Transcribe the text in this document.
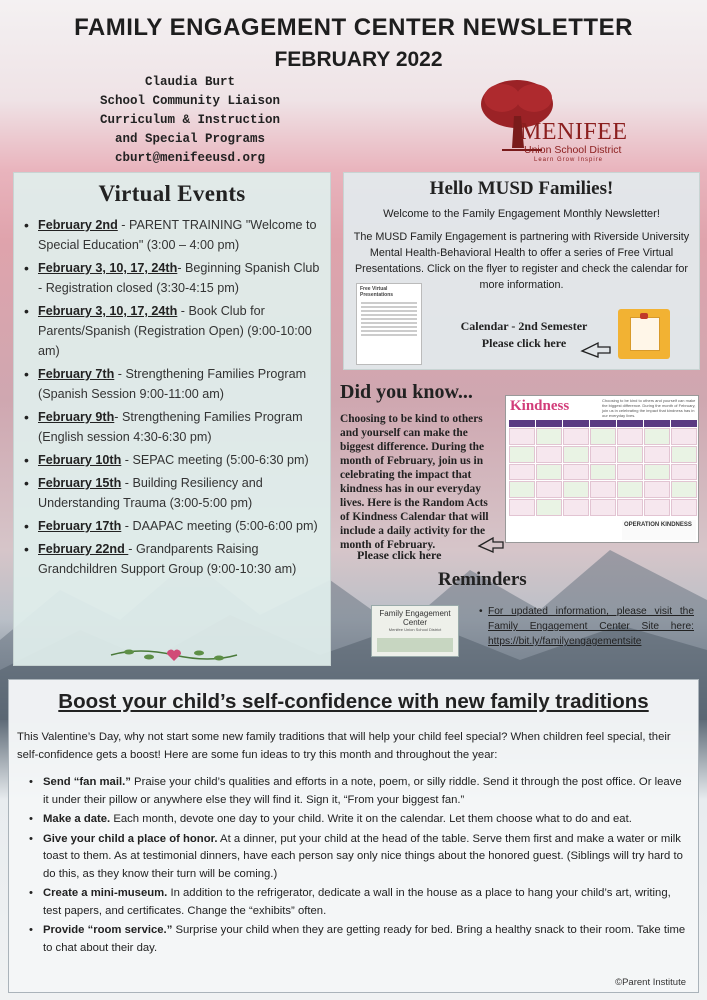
FAMILY ENGAGEMENT CENTER NEWSLETTER
FEBRUARY 2022
Claudia Burt
School Community Liaison
Curriculum & Instruction
and Special Programs
cburt@menifeeusd.org
MENIFEE
Union School District
Learn Grow Inspire
Virtual Events
• February 2nd - PARENT TRAINING "Welcome to Special Education" (3:00 – 4:00 pm)
• February 3, 10, 17, 24th- Beginning Spanish Club - Registration closed (3:30-4:15 pm)
• February 3, 10, 17, 24th - Book Club for Parents/Spanish (Registration Open) (9:00-10:00 am)
• February 7th - Strengthening Families Program (Spanish Session 9:00-11:00 am)
• February 9th- Strengthening Families Program (English session 4:30-6:30 pm)
• February 10th - SEPAC meeting (5:00-6:30 pm)
• February 15th - Building Resiliency and Understanding Trauma (3:00-5:00 pm)
• February 17th - DAAPAC meeting (5:00-6:00 pm)
• February 22nd - Grandparents Raising Grandchildren Support Group (9:00-10:30 am)
Hello MUSD Families!
Welcome to the Family Engagement Monthly Newsletter!
The MUSD Family Engagement is partnering with Riverside University Mental Health-Behavioral Health to offer a series of Free Virtual Presentations. Click on the flyer to register and check the calendar for more information.
Free Virtual Presentations
Calendar - 2nd Semester
Please click here
Did you know...
Choosing to be kind to others and yourself can make the biggest difference. During the month of February, join us in celebrating the impact that kindness has in our everyday lives. Here is the Random Acts of Kindness Calendar that will include a daily activity for the month of February.
Please click here
Kindness	Choosing to be kind to others and yourself can make the biggest difference. During the month of February, join us in celebrating the impact that kindness has in our everyday lives.
OPERATION KINDNESS
Reminders
Family Engagement Center
Menifee Union School District
• For updated information, please visit the Family Engagement Center Site here: https://bit.ly/familyengagementsite
Boost your child’s self-confidence with new family traditions
This Valentine’s Day, why not start some new family traditions that will help your child feel special? When children feel special, their self-confidence gets a boost! Here are some fun ideas to try this month and throughout the year:
• Send “fan mail.” Praise your child’s qualities and efforts in a note, poem, or silly riddle. Send it through the post office. Or leave it under their pillow or anywhere else they will find it. Sign it, “From your biggest fan.”
• Make a date. Each month, devote one day to your child. Write it on the calendar. Let them choose what to do and eat.
• Give your child a place of honor. At a dinner, put your child at the head of the table. Serve them first and make a water or milk toast to them. As at testimonial dinners, have each person say only nice things about the honored guest. (Siblings will try hard to do this, as they know their turn will be coming.)
• Create a mini-museum. In addition to the refrigerator, dedicate a wall in the house as a place to hang your child’s art, writing, test papers, and certificates. Change the “exhibits” often.
• Provide “room service.” Surprise your child when they are getting ready for bed. Bring a healthy snack to their room. Take time to chat about their day.
©Parent Institute
